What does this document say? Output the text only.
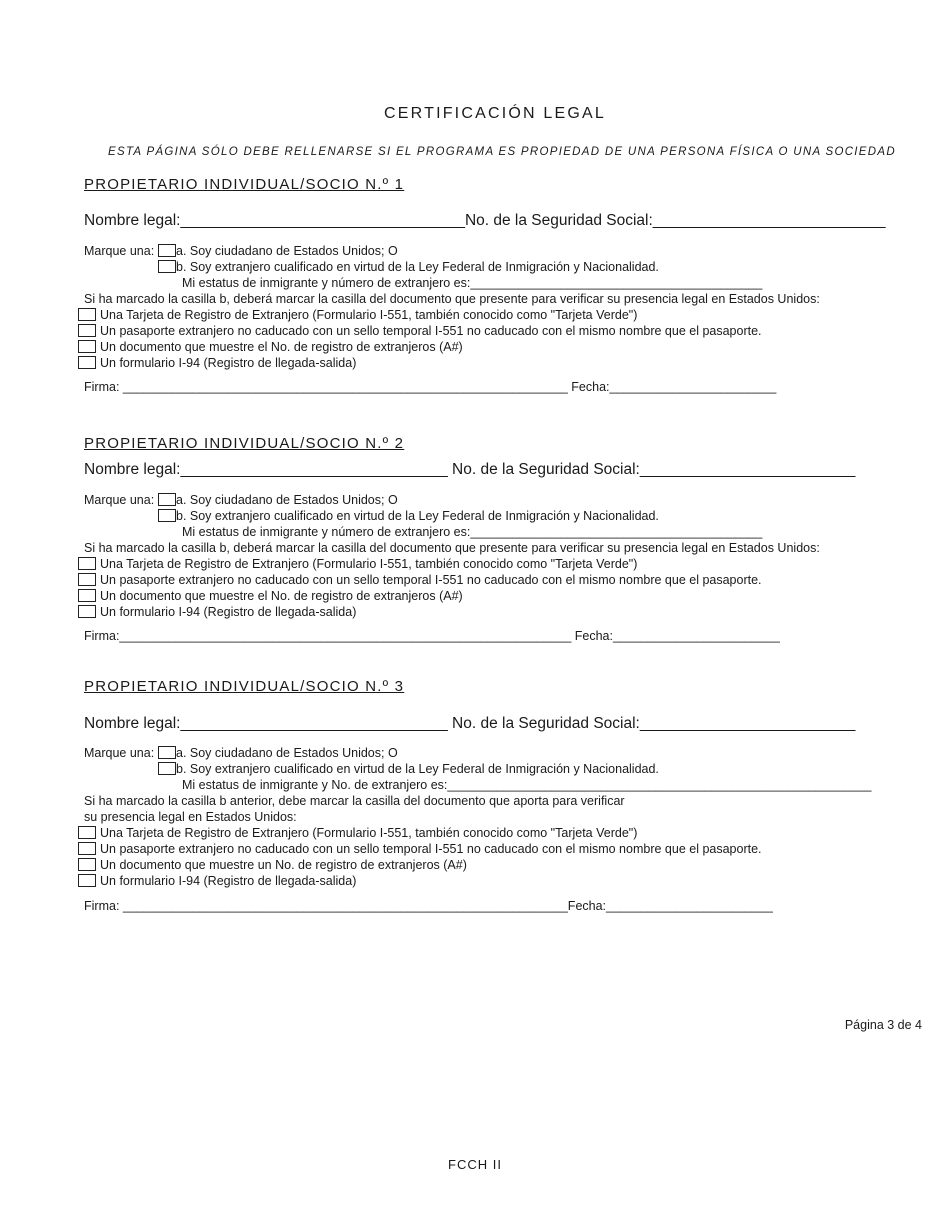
CERTIFICACIÓN LEGAL

ESTA PÁGINA SÓLO DEBE RELLENARSE SI EL PROGRAMA ES PROPIEDAD DE UNA PERSONA FÍSICA O UNA SOCIEDAD

PROPIETARIO INDIVIDUAL/SOCIO N.º 1
Nombre legal:_________________________________No. de la Seguridad Social:___________________________
Marque una:	a. Soy ciudadano de Estados Unidos; O
b. Soy extranjero cualificado en virtud de la Ley Federal de Inmigración y Nacionalidad.
Mi estatus de inmigrante y número de extranjero es:__________________________________________
Si ha marcado la casilla b, deberá marcar la casilla del documento que presente para verificar su presencia legal en Estados Unidos:
Una Tarjeta de Registro de Extranjero (Formulario I-551, también conocido como "Tarjeta Verde")
Un pasaporte extranjero no caducado con un sello temporal I-551 no caducado con el mismo nombre que el pasaporte.
Un documento que muestre el No. de registro de extranjeros (A#)
Un formulario I-94 (Registro de llegada-salida)
Firma: ________________________________________________________________ Fecha:________________________
PROPIETARIO INDIVIDUAL/SOCIO N.º 2
Nombre legal:_______________________________ No. de la Seguridad Social:_________________________
Marque una:	a. Soy ciudadano de Estados Unidos; O
b. Soy extranjero cualificado en virtud de la Ley Federal de Inmigración y Nacionalidad.
Mi estatus de inmigrante y número de extranjero es:__________________________________________
Si ha marcado la casilla b, deberá marcar la casilla del documento que presente para verificar su presencia legal en Estados Unidos:
Una Tarjeta de Registro de Extranjero (Formulario I-551, también conocido como "Tarjeta Verde")
Un pasaporte extranjero no caducado con un sello temporal I-551 no caducado con el mismo nombre que el pasaporte.
Un documento que muestre el No. de registro de extranjeros (A#)
Un formulario I-94 (Registro de llegada-salida)
Firma:_________________________________________________________________ Fecha:________________________
PROPIETARIO INDIVIDUAL/SOCIO N.º 3
Nombre legal:_______________________________ No. de la Seguridad Social:_________________________
Marque una:	a. Soy ciudadano de Estados Unidos; O
b. Soy extranjero cualificado en virtud de la Ley Federal de Inmigración y Nacionalidad.
Mi estatus de inmigrante y No. de extranjero es:_____________________________________________________________
Si ha marcado la casilla b anterior, debe marcar la casilla del documento que aporta para verificar
su presencia legal en Estados Unidos:
Una Tarjeta de Registro de Extranjero (Formulario I-551, también conocido como "Tarjeta Verde")
Un pasaporte extranjero no caducado con un sello temporal I-551 no caducado con el mismo nombre que el pasaporte.
Un documento que muestre un No. de registro de extranjeros (A#)
Un formulario I-94 (Registro de llegada-salida)
Firma: ________________________________________________________________Fecha:________________________
Página 3 de 4
FCCH II
